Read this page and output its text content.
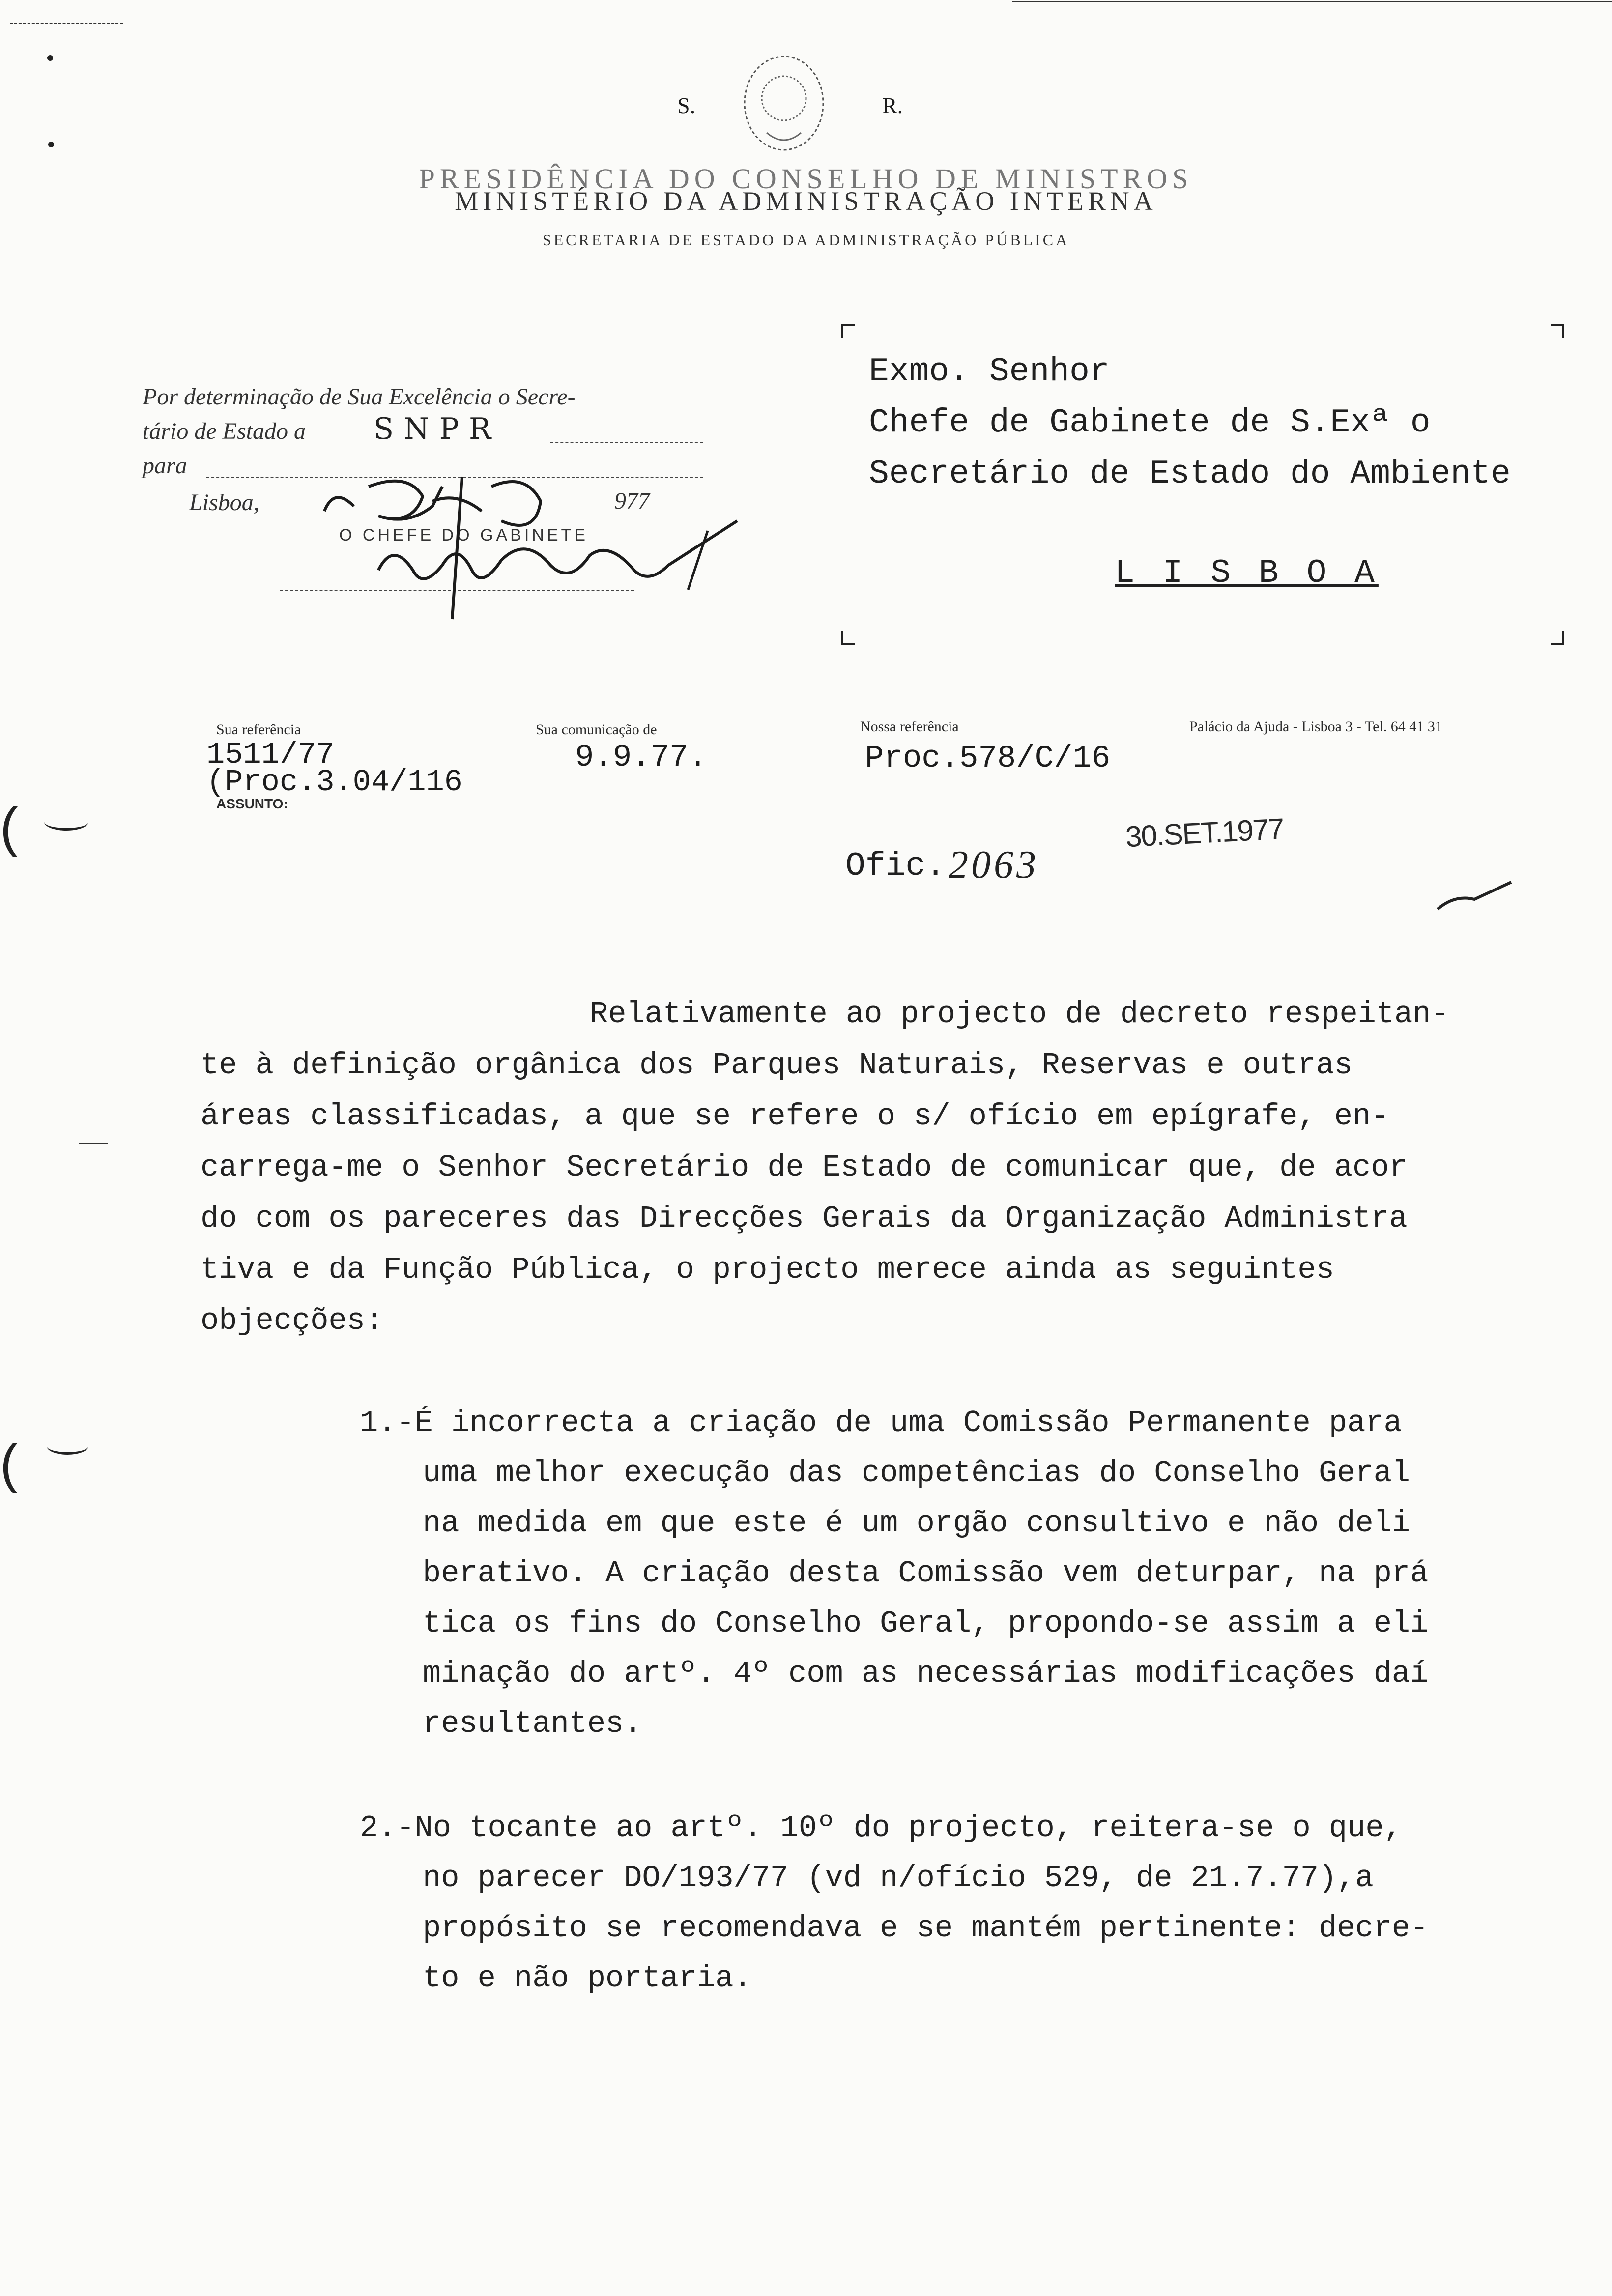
S.	R.
PRESIDÊNCIA DO CONSELHO DE MINISTROS
MINISTÉRIO DA ADMINISTRAÇÃO INTERNA
SECRETARIA DE ESTADO DA ADMINISTRAÇÃO PÚBLICA
(‌
(‌
Exmo. Senhor
Chefe de Gabinete de S.Exª o
Secretário de Estado do Ambiente
L I S B O A
Por determinação de Sua Excelência o Secre-
tário de Estado a SNPR
para
Lisboa,	977
O CHEFE DO GABINETE
Sua referência
1511/77
(Proc.3.04/116
ASSUNTO:
Sua comunicação de
9.9.77.
Nossa referência
Proc.578/C/16
Palácio da Ajuda - Lisboa 3 - Tel. 64 41 31
Ofic. 2063
30.SET.1977
Relativamente ao projecto de decreto respeitan-
te à definição orgânica dos Parques Naturais, Reservas e outras
áreas classificadas, a que se refere o s/ ofício em epígrafe, en-
carrega-me o Senhor Secretário de Estado de comunicar que, de acor
do com os pareceres das Direcções Gerais da Organização Administra
tiva e da Função Pública, o projecto merece ainda as seguintes
objecções:
1.-É incorrecta a criação de uma Comissão Permanente para
uma melhor execução das competências do Conselho Geral
na medida em que este é um orgão consultivo e não deli
berativo. A criação desta Comissão vem deturpar, na prá
tica os fins do Conselho Geral, propondo-se assim a eli
minação do artº. 4º com as necessárias modificações daí
resultantes.
2.-No tocante ao artº. 10º do projecto, reitera-se o que,
no parecer DO/193/77 (vd n/ofício 529, de 21.7.77),a
propósito se recomendava e se mantém pertinente: decre-
to e não portaria.
